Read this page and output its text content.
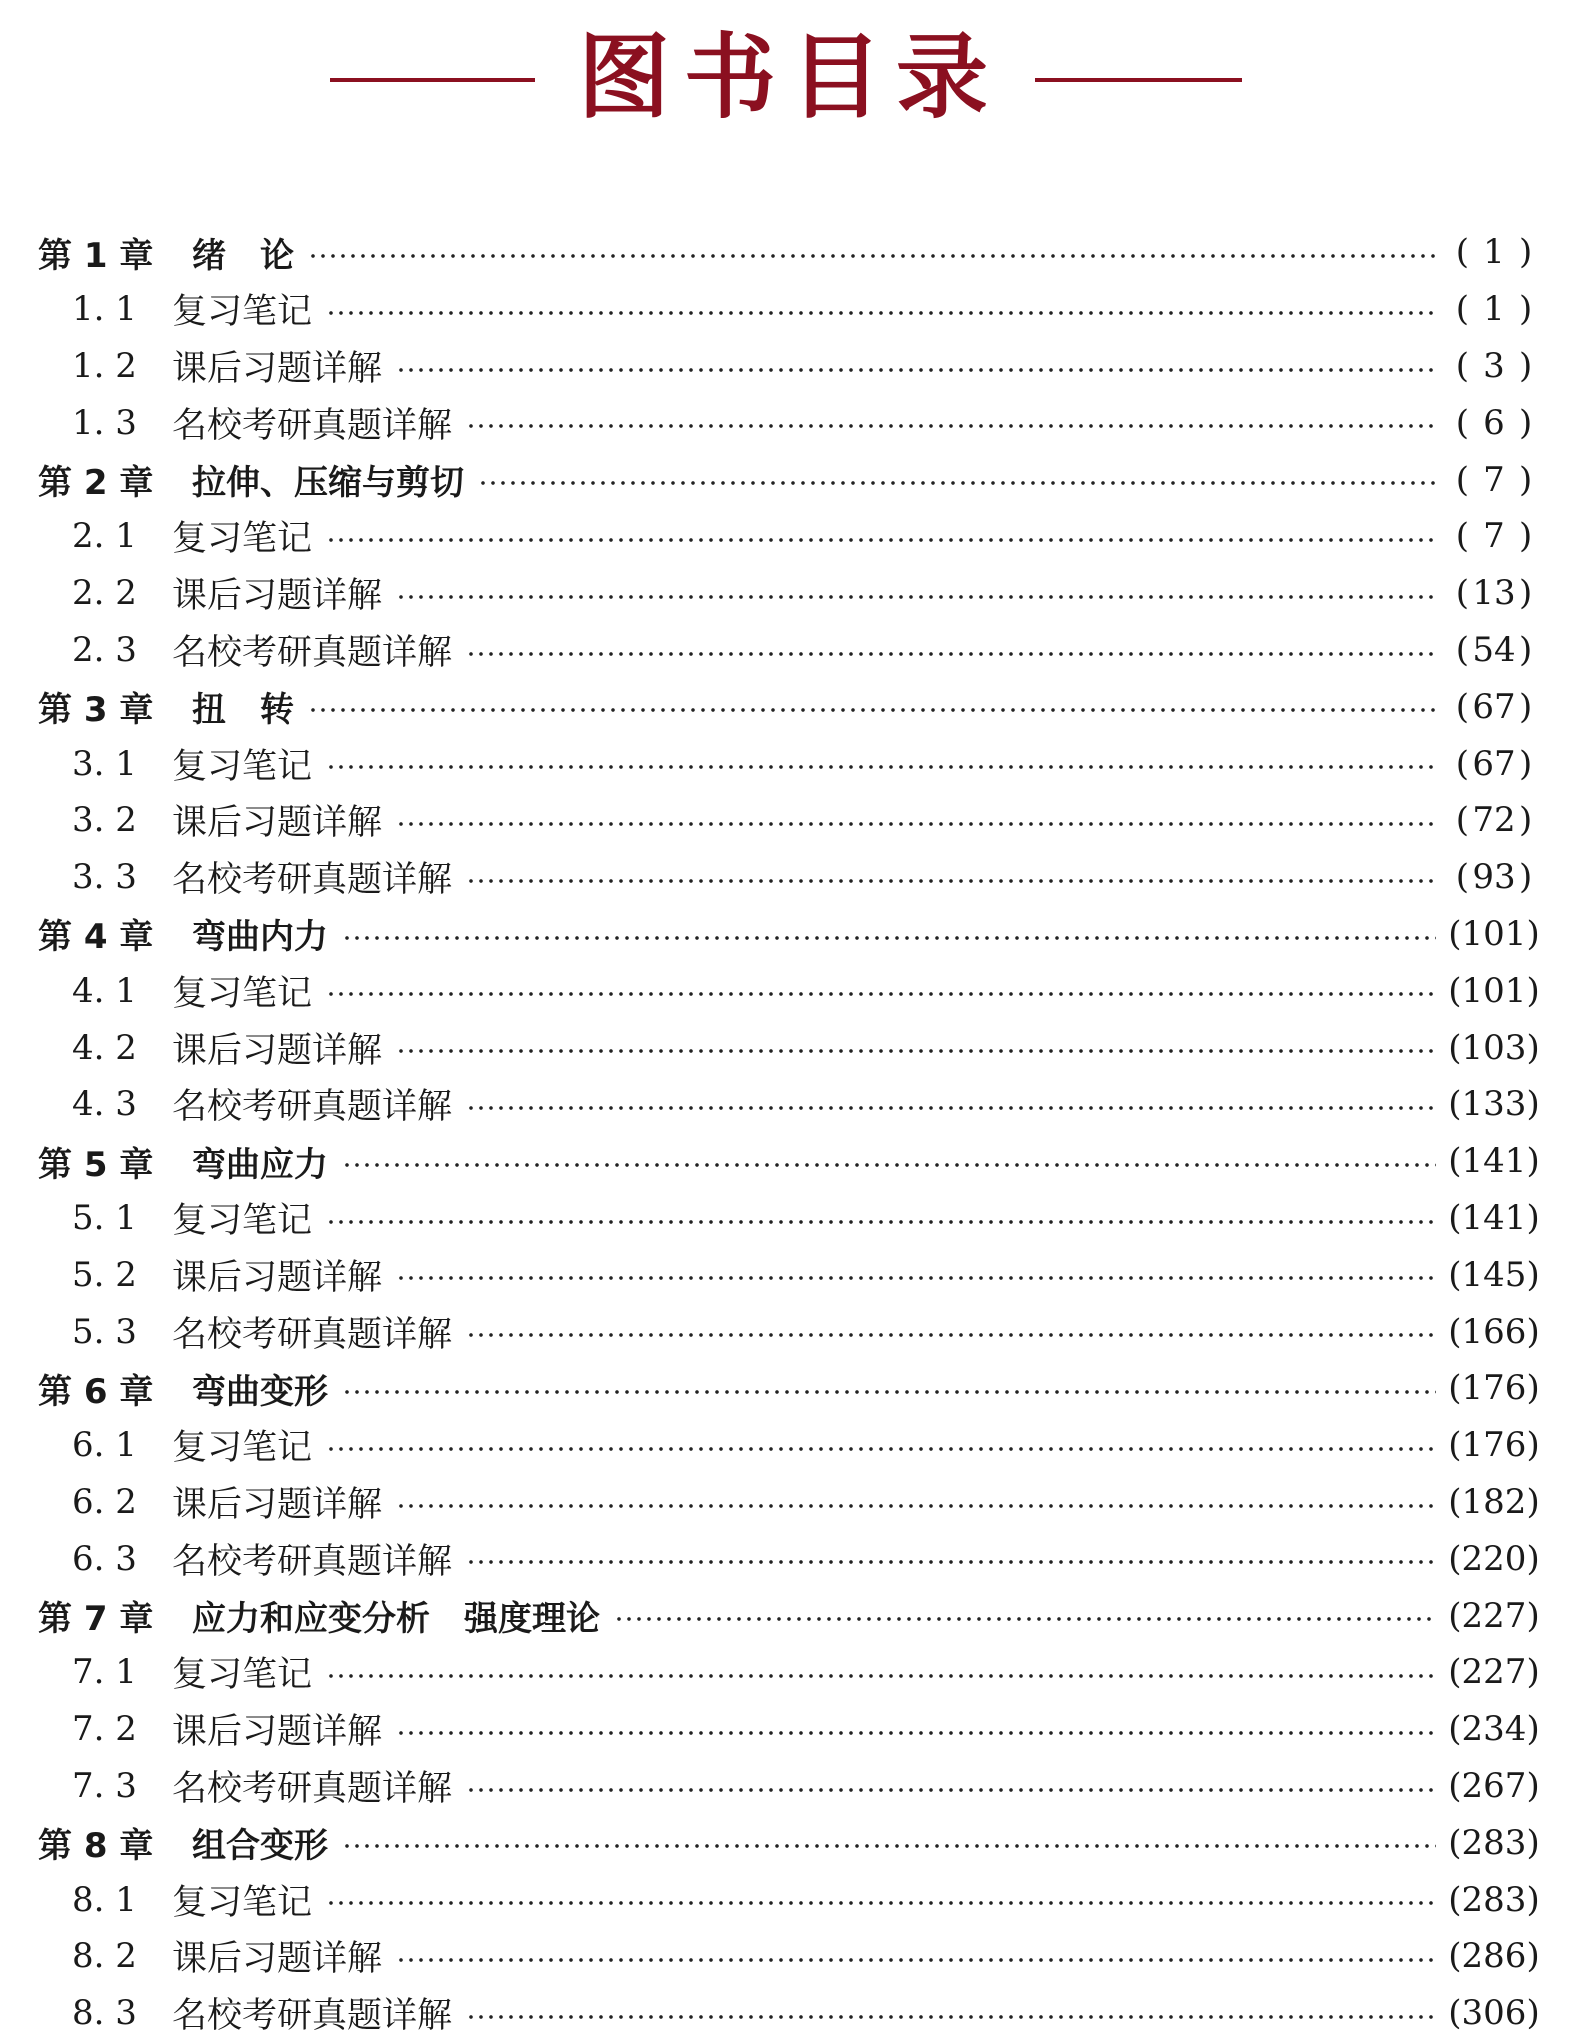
图书目录
第 1 章 绪　论	( 1 )
1. 1 复习笔记	( 1 )
1. 2 课后习题详解	( 3 )
1. 3 名校考研真题详解	( 6 )
第 2 章 拉伸、压缩与剪切	( 7 )
2. 1 复习笔记	( 7 )
2. 2 课后习题详解	(13)
2. 3 名校考研真题详解	(54)
第 3 章 扭　转	(67)
3. 1 复习笔记	(67)
3. 2 课后习题详解	(72)
3. 3 名校考研真题详解	(93)
第 4 章 弯曲内力	(101)
4. 1 复习笔记	(101)
4. 2 课后习题详解	(103)
4. 3 名校考研真题详解	(133)
第 5 章 弯曲应力	(141)
5. 1 复习笔记	(141)
5. 2 课后习题详解	(145)
5. 3 名校考研真题详解	(166)
第 6 章 弯曲变形	(176)
6. 1 复习笔记	(176)
6. 2 课后习题详解	(182)
6. 3 名校考研真题详解	(220)
第 7 章 应力和应变分析　强度理论	(227)
7. 1 复习笔记	(227)
7. 2 课后习题详解	(234)
7. 3 名校考研真题详解	(267)
第 8 章 组合变形	(283)
8. 1 复习笔记	(283)
8. 2 课后习题详解	(286)
8. 3 名校考研真题详解	(306)
